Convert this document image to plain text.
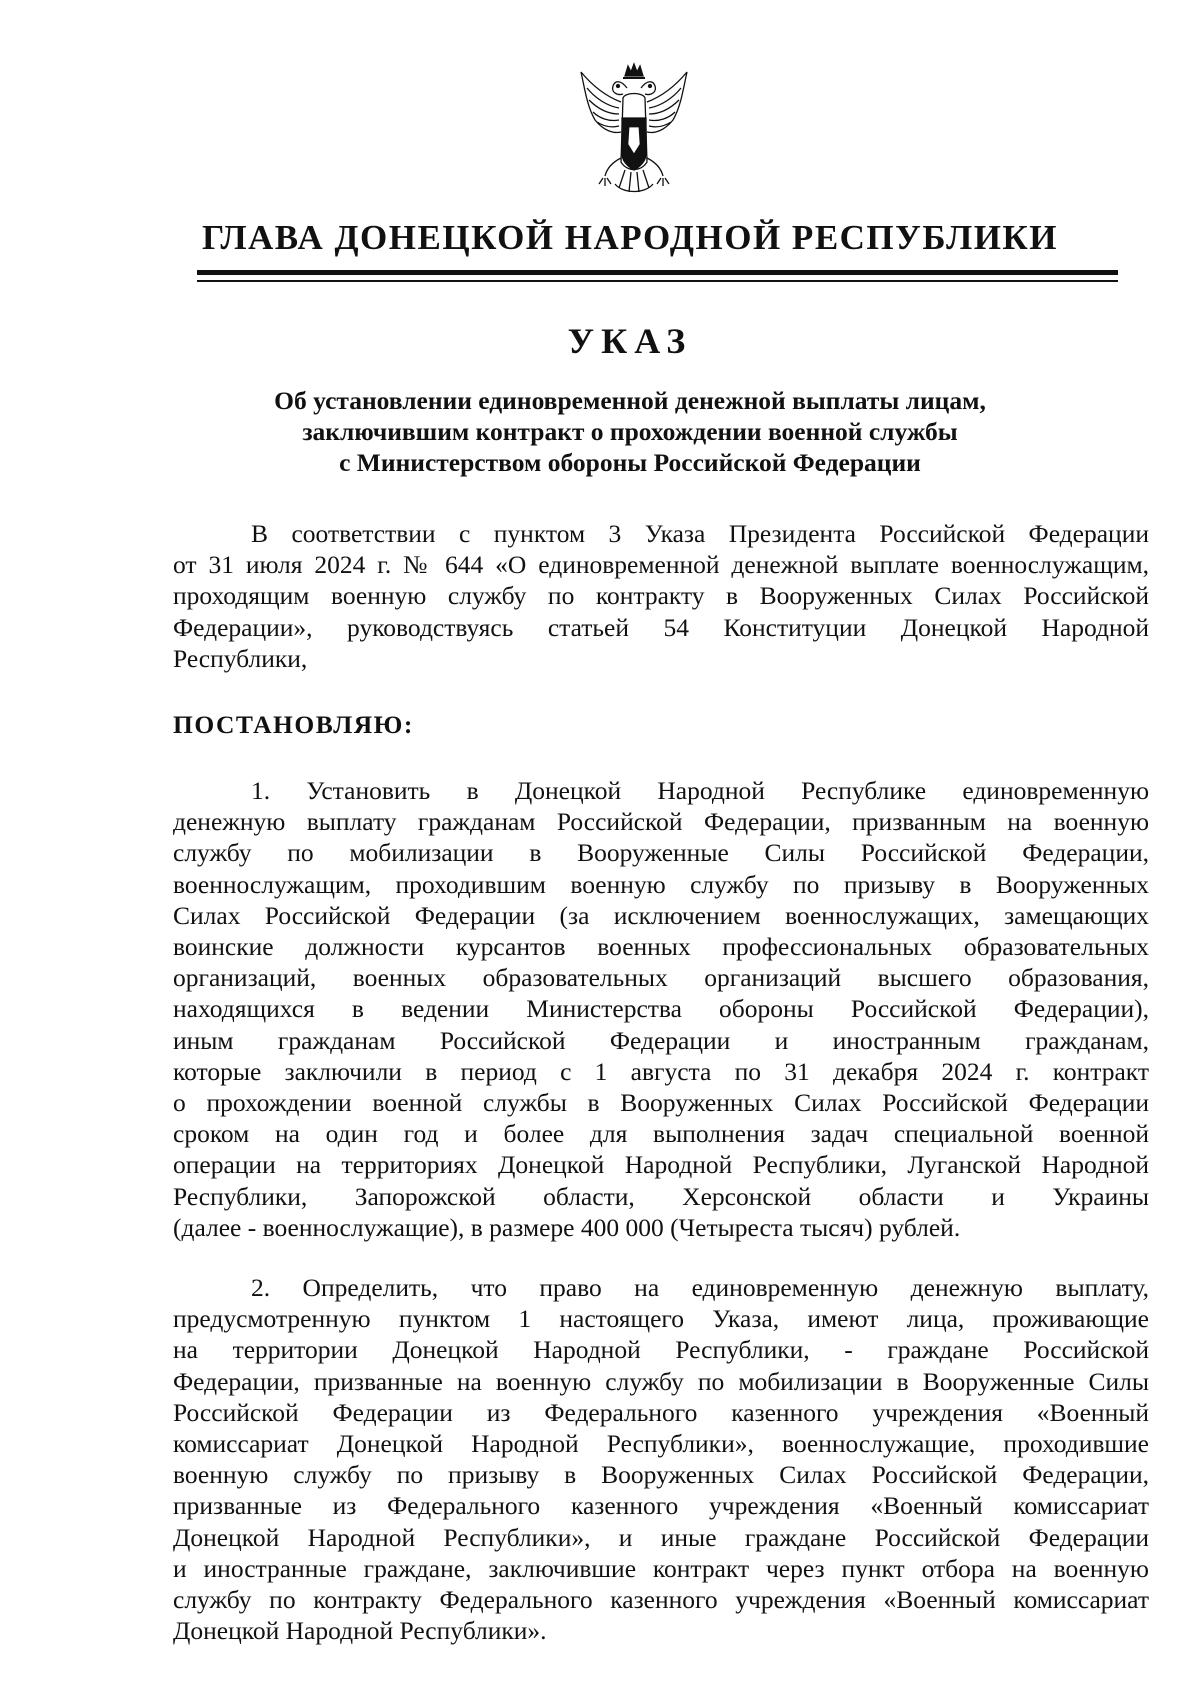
ГЛАВА ДОНЕЦКОЙ НАРОДНОЙ РЕСПУБЛИКИ
УКАЗ
Об установлении единовременной денежной выплаты лицам,
заключившим контракт о прохождении военной службы
с Министерством обороны Российской Федерации
В соответствии с пунктом 3 Указа Президента Российской Федерации
от 31 июля 2024 г. № 644 «О единовременной денежной выплате военнослужащим,
проходящим военную службу по контракту в Вооруженных Силах Российской
Федерации», руководствуясь статьей 54 Конституции Донецкой Народной
Республики,

ПОСТАНОВЛЯЮ:

1. Установить в Донецкой Народной Республике единовременную
денежную выплату гражданам Российской Федерации, призванным на военную
службу по мобилизации в Вооруженные Силы Российской Федерации,
военнослужащим, проходившим военную службу по призыву в Вооруженных
Силах Российской Федерации (за исключением военнослужащих, замещающих
воинские должности курсантов военных профессиональных образовательных
организаций, военных образовательных организаций высшего образования,
находящихся в ведении Министерства обороны Российской Федерации),
иным гражданам Российской Федерации и иностранным гражданам,
которые заключили в период с 1 августа по 31 декабря 2024 г. контракт
о прохождении военной службы в Вооруженных Силах Российской Федерации
сроком на один год и более для выполнения задач специальной военной
операции на территориях Донецкой Народной Республики, Луганской Народной
Республики, Запорожской области, Херсонской области и Украины
(далее - военнослужащие), в размере 400 000 (Четыреста тысяч) рублей.
2. Определить, что право на единовременную денежную выплату,
предусмотренную пунктом 1 настоящего Указа, имеют лица, проживающие
на территории Донецкой Народной Республики, - граждане Российской
Федерации, призванные на военную службу по мобилизации в Вооруженные Силы
Российской Федерации из Федерального казенного учреждения «Военный
комиссариат Донецкой Народной Республики», военнослужащие, проходившие
военную службу по призыву в Вооруженных Силах Российской Федерации,
призванные из Федерального казенного учреждения «Военный комиссариат
Донецкой Народной Республики», и иные граждане Российской Федерации
и иностранные граждане, заключившие контракт через пункт отбора на военную
службу по контракту Федерального казенного учреждения «Военный комиссариат
Донецкой Народной Республики».
